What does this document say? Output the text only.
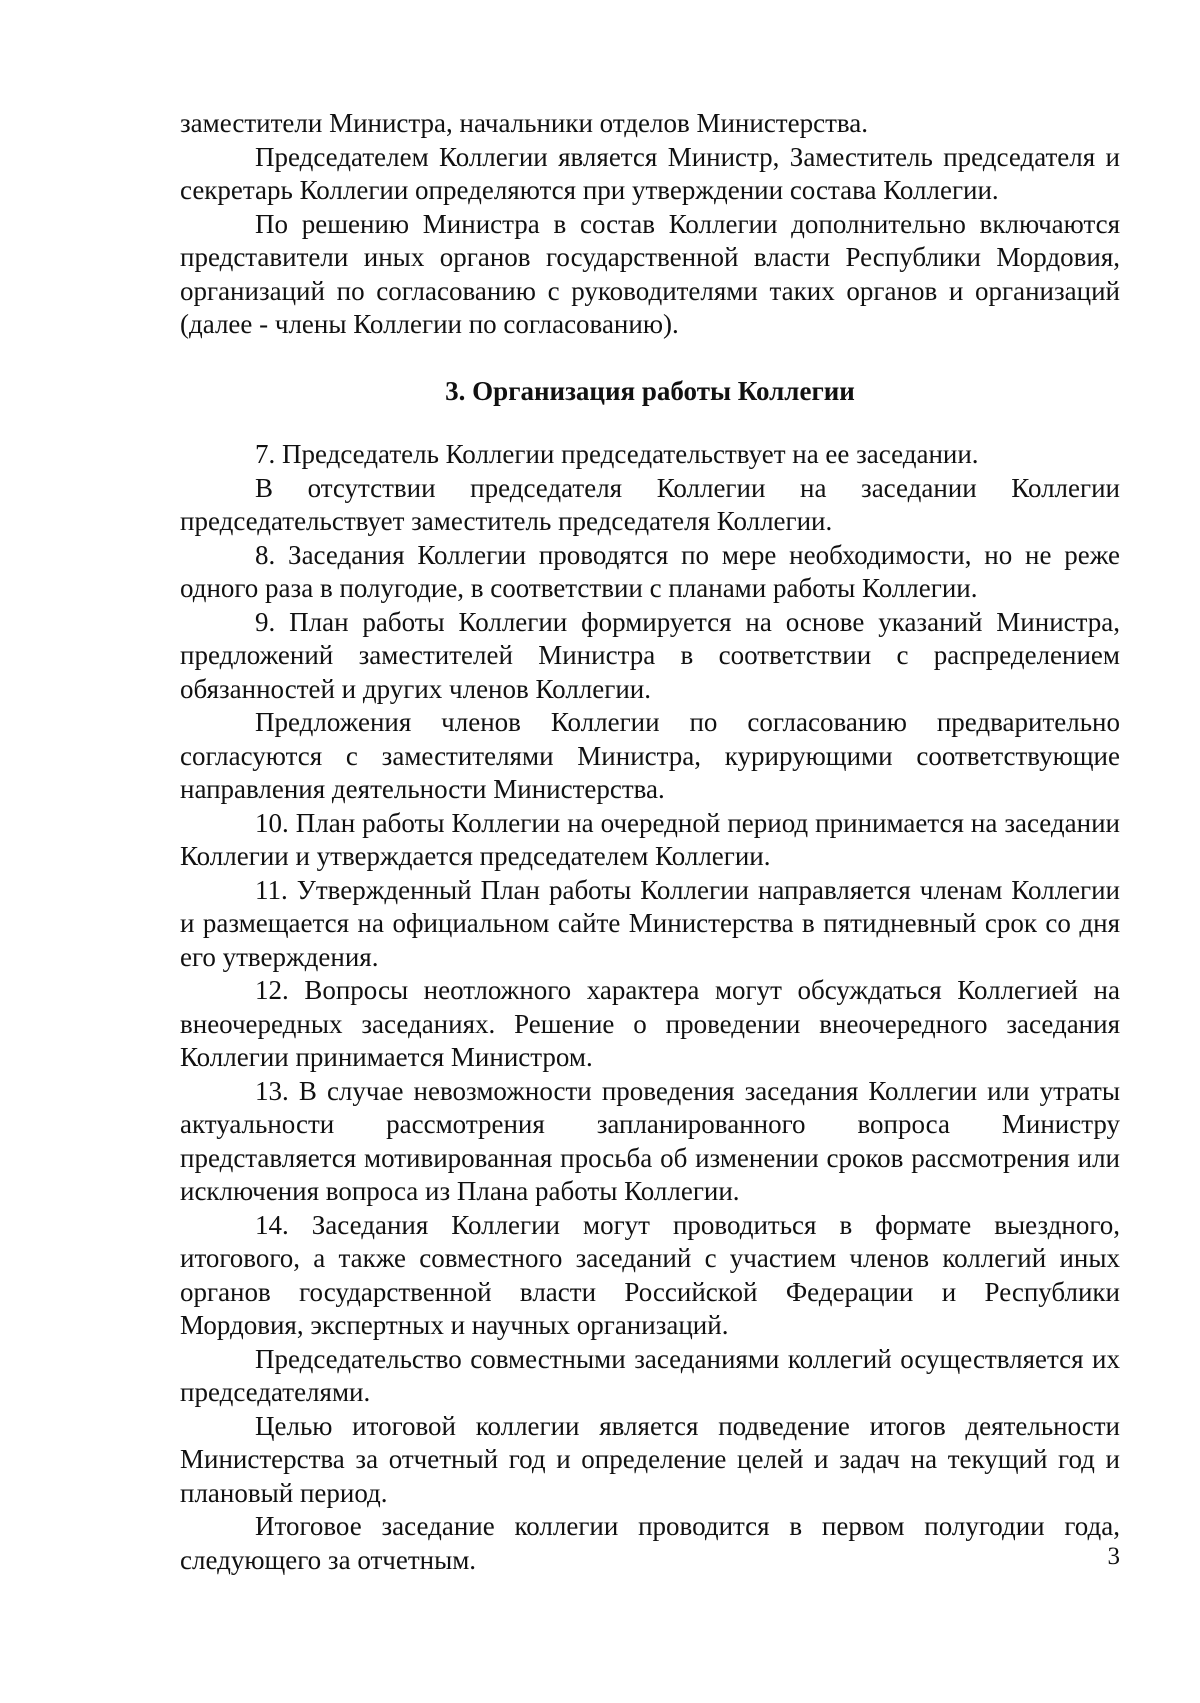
заместители Министра, начальники отделов Министерства.

Председателем Коллегии является Министр, Заместитель председателя и секретарь Коллегии определяются при утверждении состава Коллегии.

По решению Министра в состав Коллегии дополнительно включаются представители иных органов государственной власти Республики Мордовия, организаций по согласованию с руководителями таких органов и организаций (далее - члены Коллегии по согласованию).

3. Организация работы Коллегии

7. Председатель Коллегии председательствует на ее заседании.

В отсутствии председателя Коллегии на заседании Коллегии председательствует заместитель председателя Коллегии.

8. Заседания Коллегии проводятся по мере необходимости, но не реже одного раза в полугодие, в соответствии с планами работы Коллегии.

9. План работы Коллегии формируется на основе указаний Министра, предложений заместителей Министра в соответствии с распределением обязанностей и других членов Коллегии.

Предложения членов Коллегии по согласованию предварительно согласуются с заместителями Министра, курирующими соответствующие направления деятельности Министерства.

10. План работы Коллегии на очередной период принимается на заседании Коллегии и утверждается председателем Коллегии.

11. Утвержденный План работы Коллегии направляется членам Коллегии и размещается на официальном сайте Министерства в пятидневный срок со дня его утверждения.

12. Вопросы неотложного характера могут обсуждаться Коллегией на внеочередных заседаниях. Решение о проведении внеочередного заседания Коллегии принимается Министром.

13. В случае невозможности проведения заседания Коллегии или утраты актуальности рассмотрения запланированного вопроса Министру представляется мотивированная просьба об изменении сроков рассмотрения или исключения вопроса из Плана работы Коллегии.

14. Заседания Коллегии могут проводиться в формате выездного, итогового, а также совместного заседаний с участием членов коллегий иных органов государственной власти Российской Федерации и Республики Мордовия, экспертных и научных организаций.

Председательство совместными заседаниями коллегий осуществляется их председателями.

Целью итоговой коллегии является подведение итогов деятельности Министерства за отчетный год и определение целей и задач на текущий год и плановый период.

Итоговое заседание коллегии проводится в первом полугодии года, следующего за отчетным.	3
